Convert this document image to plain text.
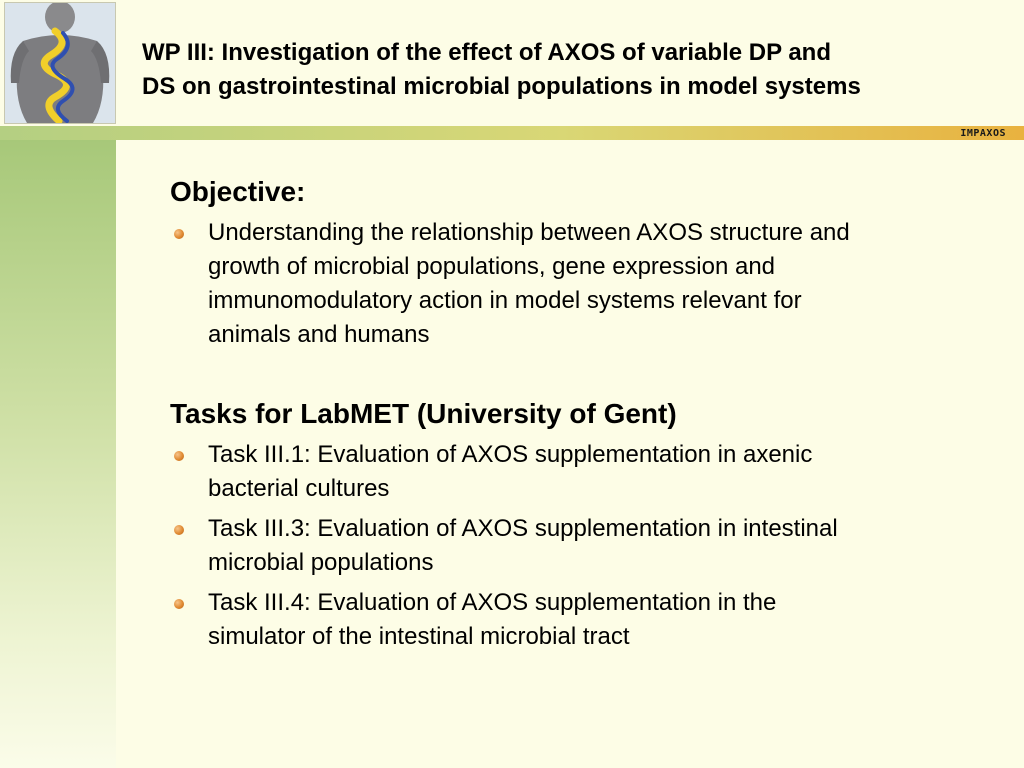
WP III: Investigation of the effect of AXOS of variable DP and
DS on gastrointestinal microbial populations in model systems
IMPAXOS
Objective:
Understanding the relationship between AXOS structure and
growth of microbial populations, gene expression and
immunomodulatory action in model systems relevant for
animals and humans
Tasks for LabMET (University of Gent)
Task III.1: Evaluation of AXOS supplementation in axenic
bacterial cultures
Task III.3: Evaluation of AXOS supplementation in intestinal
microbial populations
Task III.4: Evaluation of AXOS supplementation in the
simulator of the intestinal microbial tract
